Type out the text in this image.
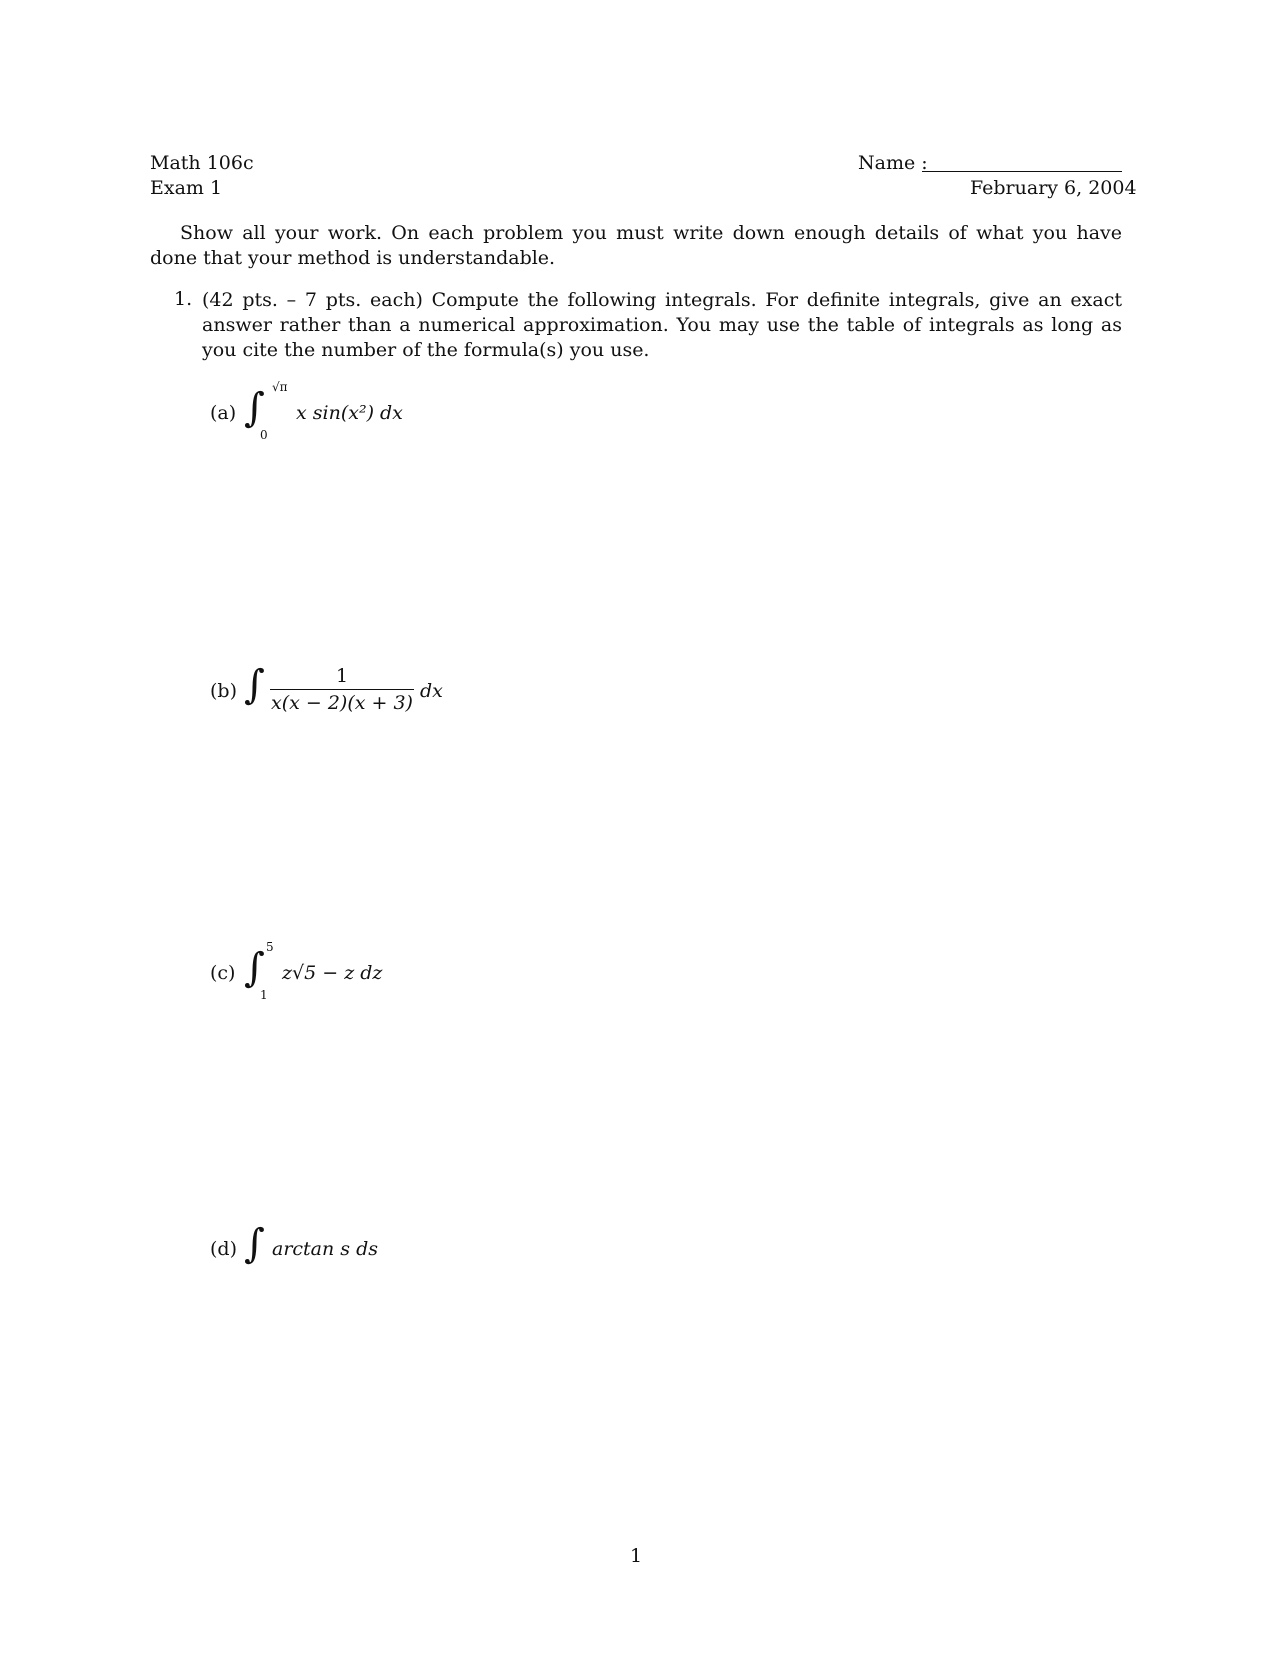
Math 106c
Exam 1
Name :
February 6, 2004
Show all your work. On each problem you must write down enough details of what you have done that your method is understandable.
1. (42 pts. – 7 pts. each) Compute the following integrals. For definite integrals, give an exact answer rather than a numerical approximation. You may use the table of integrals as long as you cite the number of the formula(s) you use.
(a) ∫ √π
0
x sin(x²) dx
(b) ∫	1
x(x − 2)(x + 3)
dx
(c) ∫ 5
1
z√5 − z dz
(d) ∫ arctan s ds
1
